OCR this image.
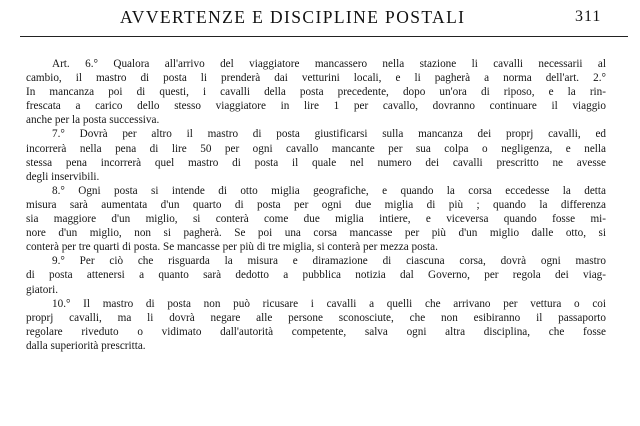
AVVERTENZE E DISCIPLINE POSTALI	311
Art. 6.° Qualora all'arrivo del viaggiatore mancassero nella stazione li cavalli necessarii al
cambio, il mastro di posta li prenderà dai vetturini locali, e li pagherà a norma dell'art. 2.°
In mancanza poi di questi, i cavalli della posta precedente, dopo un'ora di riposo, e la rin-
frescata a carico dello stesso viaggiatore in lire 1 per cavallo, dovranno continuare il viaggio
anche per la posta successiva.
7.° Dovrà per altro il mastro di posta giustificarsi sulla mancanza dei proprj cavalli, ed
incorrerà nella pena di lire 50 per ogni cavallo mancante per sua colpa o negligenza, e nella
stessa pena incorrerà quel mastro di posta il quale nel numero dei cavalli prescritto ne avesse
degli inservibili.
8.° Ogni posta si intende di otto miglia geografiche, e quando la corsa eccedesse la detta
misura sarà aumentata d'un quarto di posta per ogni due miglia di più ; quando la differenza
sia maggiore d'un miglio, si conterà come due miglia intiere, e viceversa quando fosse mi-
nore d'un miglio, non si pagherà. Se poi una corsa mancasse per più d'un miglio dalle otto, si
conterà per tre quarti di posta. Se mancasse per più di tre miglia, si conterà per mezza posta.
9.° Per ciò che risguarda la misura e diramazione di ciascuna corsa, dovrà ogni mastro
di posta attenersi a quanto sarà dedotto a pubblica notizia dal Governo, per regola dei viag-
giatori.
10.° Il mastro di posta non può ricusare i cavalli a quelli che arrivano per vettura o coi
proprj cavalli, ma li dovrà negare alle persone sconosciute, che non esibiranno il passaporto
regolare riveduto o vidimato dall'autorità competente, salva ogni altra disciplina, che fosse
dalla superiorità prescritta.
